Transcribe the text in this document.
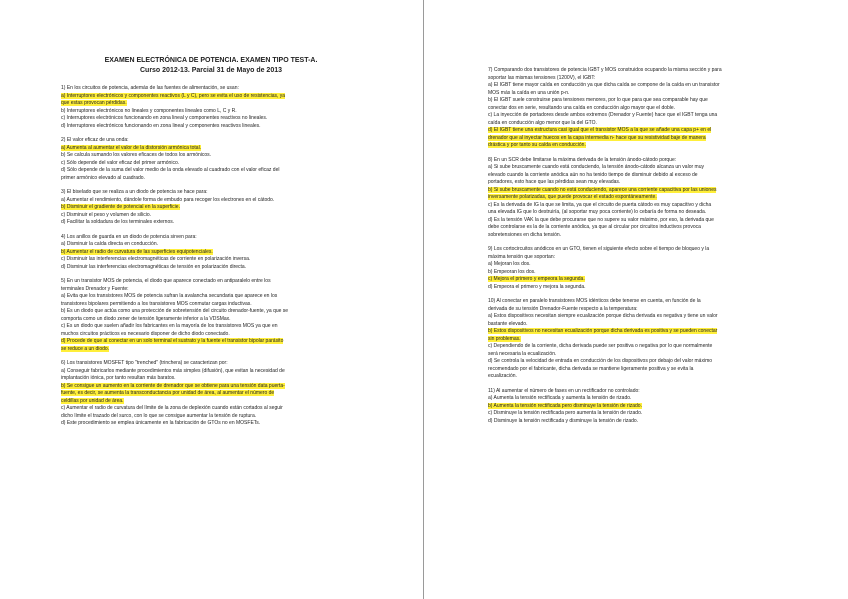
EXAMEN ELECTRÓNICA DE POTENCIA. EXAMEN TIPO TEST-A.
Curso 2012-13. Parcial 31 de Mayo de 2013
1) En los circuitos de potencia, además de las fuentes de alimentación, se usan:
a) Interruptores electrónicos y componentes reactivos (L y C), pero se evita el uso de resistencias, ya
que estas provocan pérdidas.
b) Interruptores electrónicos no lineales y componentes lineales como L, C y R.
c) Interruptores electrónicos funcionando en zona lineal y componentes reactivos no lineales.
d) Interruptores electrónicos funcionando en zona lineal y componentes reactivos lineales.
2) El valor eficaz de una onda:
a) Aumenta al aumentar el valor de la distorsión armónica total.
b) Se calcula sumando los valores eficaces de todos los armónicos.
c) Sólo depende del valor eficaz del primer armónico.
d) Sólo depende de la suma del valor medio de la onda elevado al cuadrado con el valor eficaz del
primer armónico elevado al cuadrado.
3) El biselado que se realiza a un diodo de potencia se hace para:
a) Aumentar el rendimiento, dándole forma de embudo para recoger los electrones en el cátodo.
b) Disminuir el gradiente de potencial en la superficie.
c) Disminuir el peso y volumen de silicio.
d) Facilitar la soldadura de los terminales externos.
4) Los anillos de guarda en un diodo de potencia sirven para:
a) Disminuir la caída directa en conducción.
b) Aumentar el radio de curvatura de las superficies equipotenciales.
c) Disminuir las interferencias electromagnéticas de corriente en polarización inversa.
d) Disminuir las interferencias electromagnéticas de tensión en polarización directa.
5) En un transistor MOS de potencia, el diodo que aparece conectado en antiparalelo entre los
terminales Drenador y Fuente:
a) Evita que los transistores MOS de potencia sufran la avalancha secundaria que aparece en los
transistores bipolares permitiendo a los transistores MOS conmutar cargas inductivas.
b) Es un diodo que actúa como una protección de sobretensión del circuito drenador-fuente, ya que se
comporta como un diodo zener de tensión ligeramente inferior a la VDSMax.
c) Es un diodo que suelen añadir los fabricantes en la mayoría de los transistores MOS ya que en
muchos circuitos prácticos es necesario disponer de dicho diodo conectado.
d) Procede de que al conectar en un solo terminal el sustrato y la fuente el transistor bipolar parásito
se reduce a un diodo.
6) Los transistores MOSFET tipo "trenched" (trinchera) se caracterizan por:
a) Conseguir fabricarlos mediante procedimientos más simples (difusión), que evitan la necesidad de
implantación iónica, por tanto resultan más baratos.
b) Se consigue un aumento en la corriente de drenador que se obtiene para una tensión data puerta-
fuente, es decir, se aumenta la transconductancia por unidad de área, al aumentar el número de
celdillas por unidad de área.
c) Aumentar el radio de curvatura del límite de la zona de deplexión cuando están cortados al seguir
dicho límite el trazado del surco, con lo que se consigue aumentar la tensión de ruptura.
d) Este procedimiento se emplea únicamente en la fabricación de GTOs no en MOSFETs.
7) Comparando dos transistores de potencia IGBT y MOS construidos ocupando la misma sección y para
soportar las mismas tensiones (1200V), el IGBT:
a) El IGBT tiene mayor caída en conducción ya que dicha caída se compone de la caída en un transistor
MOS más la caída en una unión p-n.
b) El IGBT suele construirse para tensiones menores, por lo que para que sea comparable hay que
conectar dos en serie, resultando una caída en conducción algo mayor que el doble.
c) La inyección de portadores desde ambos extremos (Drenador y Fuente) hace que el IGBT tenga una
caída en conducción algo menor que la del GTO.
d) El IGBT tiene una estructura casi igual que el transistor MOS a la que se añade una capa p+ en el
drenador que al inyectar huecos en la capa intermedia n- hace que su resistividad baje de manera
drástica y por tanto su caída en conducción.
8) En un SCR debe limitarse la máxima derivada de la tensión ánodo-cátodo porque:
a) Si sube bruscamente cuando está conduciendo, la tensión ánodo-cátodo alcanza un valor muy
elevado cuando la corriente anódica aún no ha tenido tiempo de disminuir debido al exceso de
portadores, esto hace que las pérdidas sean muy elevadas.
b) Si sube bruscamente cuando no está conduciendo, aparece una corriente capacitiva por las uniones
inversamente polarizadas, que puede provocar el estado espontáneamente.
c) Es la derivada de IG la que se limita, ya que el circuito de puerta cátodo es muy capacitivo y dicha
una elevada IG que lo destruiría, (al soportar muy poca corriente) lo cebaría de forma no deseada.
d) Es la tensión VAK la que debe procurarse que no supere su valor máximo, por eso, la derivada que
debe controlarse es la de la corriente anódica, ya que al circular por circuitos inductivos provoca
sobretensiones en dicha tensión.
9) Los cortocircuitos anódicos en un GTO, tienen el siguiente efecto sobre el tiempo de bloqueo y la
máxima tensión que soportan:
a) Mejoran los dos.
b) Empeoran los dos.
c) Mejora el primero y empeora la segunda.
d) Empeora el primero y mejora la segunda.
10) Al conectar en paralelo transistores MOS idénticos debe tenerse en cuenta, en función de la
derivada de su tensión Drenador-Fuente respecto a la temperatura:
a) Estos dispositivos necesitan siempre ecualización porque dicha derivada es negativa y tiene un valor
bastante elevado.
b) Estos dispositivos no necesitan ecualización porque dicha derivada es positiva y se pueden conectar
sin problemas.
c) Dependiendo de la corriente, dicha derivada puede ser positiva o negativa por lo que normalmente
será necesaria la ecualización.
d) Se controla la velocidad de entrada en conducción de los dispositivos por debajo del valor máximo
recomendado por el fabricante, dicha derivada se mantiene ligeramente positiva y se evita la
ecualización.
11) Al aumentar el número de fases en un rectificador no controlado:
a) Aumenta la tensión rectificada y aumenta la tensión de rizado.
b) Aumenta la tensión rectificada pero disminuye la tensión de rizado.
c) Disminuye la tensión rectificada pero aumenta la tensión de rizado.
d) Disminuye la tensión rectificada y disminuye la tensión de rizado.
